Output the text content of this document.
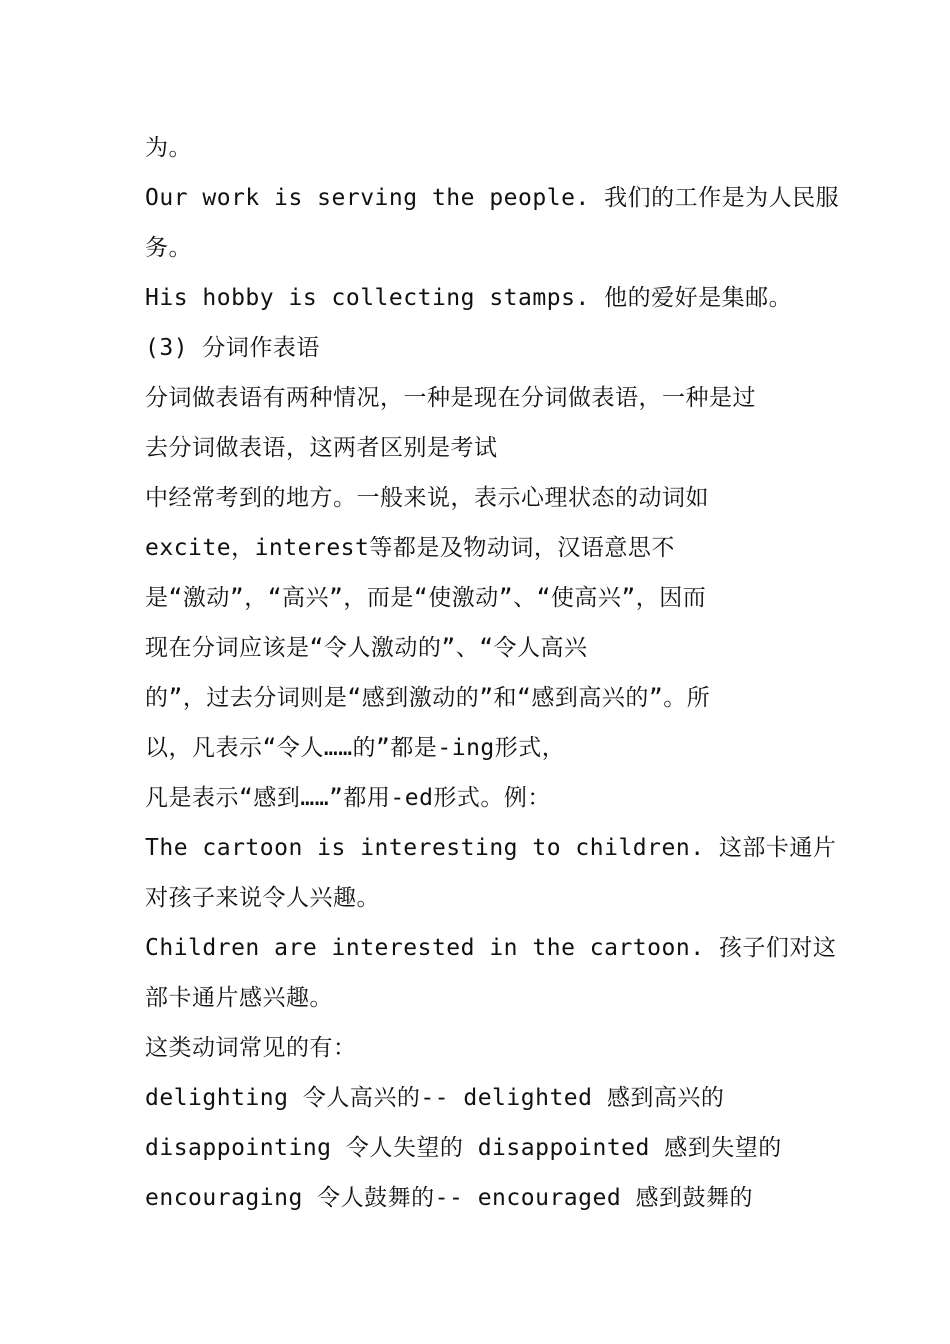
为。
Our work is serving the people. 我们的工作是为人民服
务。
His hobby is collecting stamps. 他的爱好是集邮。
(3) 分词作表语
分词做表语有两种情况，一种是现在分词做表语，一种是过
去分词做表语，这两者区别是考试
中经常考到的地方。一般来说，表示心理状态的动词如
excite，interest等都是及物动词，汉语意思不
是“激动”，“高兴”，而是“使激动”、“使高兴”，因而
现在分词应该是“令人激动的”、“令人高兴
的”，过去分词则是“感到激动的”和“感到高兴的”。所
以，凡表示“令人……的”都是-ing形式，
凡是表示“感到……”都用-ed形式。例：
The cartoon is interesting to children. 这部卡通片
对孩子来说令人兴趣。
Children are interested in the cartoon. 孩子们对这
部卡通片感兴趣。
这类动词常见的有：
delighting 令人高兴的-- delighted 感到高兴的
disappointing 令人失望的 disappointed 感到失望的
encouraging 令人鼓舞的-- encouraged 感到鼓舞的
